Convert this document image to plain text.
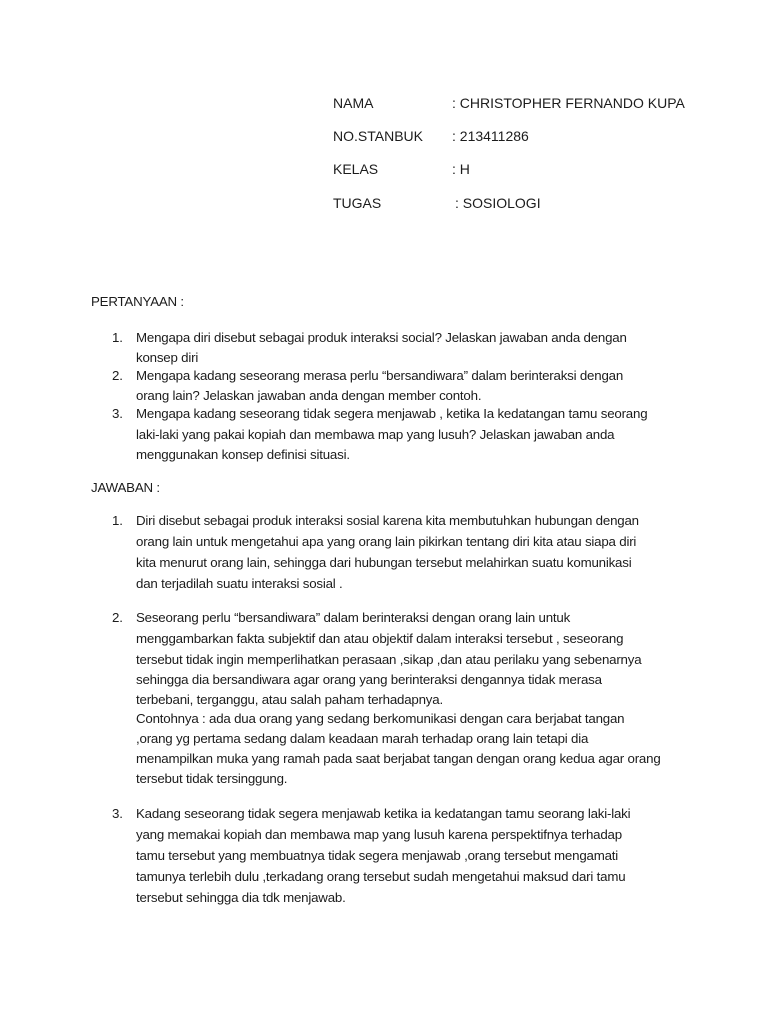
NAMA	: CHRISTOPHER FERNANDO KUPA
NO.STANBUK : 213411286
KELAS	: H
TUGAS	: SOSIOLOGI
PERTANYAAN :
1. Mengapa diri disebut sebagai produk interaksi social? Jelaskan jawaban anda dengan
konsep diri
2. Mengapa kadang seseorang merasa perlu “bersandiwara” dalam berinteraksi dengan
orang lain? Jelaskan jawaban anda dengan member contoh.
3. Mengapa kadang seseorang tidak segera menjawab , ketika Ia kedatangan tamu seorang
laki-laki yang pakai kopiah dan membawa map yang lusuh? Jelaskan jawaban anda
menggunakan konsep definisi situasi.
JAWABAN :
1. Diri disebut sebagai produk interaksi sosial karena kita membutuhkan hubungan dengan
orang lain untuk mengetahui apa yang orang lain pikirkan tentang diri kita atau siapa diri
kita menurut orang lain, sehingga dari hubungan tersebut melahirkan suatu komunikasi
dan terjadilah suatu interaksi sosial .
2. Seseorang perlu “bersandiwara” dalam berinteraksi dengan orang lain untuk
menggambarkan fakta subjektif dan atau objektif dalam interaksi tersebut , seseorang
tersebut tidak ingin memperlihatkan perasaan ,sikap ,dan atau perilaku yang sebenarnya
sehingga dia bersandiwara agar orang yang berinteraksi dengannya tidak merasa
terbebani, terganggu, atau salah paham terhadapnya.
Contohnya : ada dua orang yang sedang berkomunikasi dengan cara berjabat tangan
,orang yg pertama sedang dalam keadaan marah terhadap orang lain tetapi dia
menampilkan muka yang ramah pada saat berjabat tangan dengan orang kedua agar orang
tersebut tidak tersinggung.
3. Kadang seseorang tidak segera menjawab ketika ia kedatangan tamu seorang laki-laki
yang memakai kopiah dan membawa map yang lusuh karena perspektifnya terhadap
tamu tersebut yang membuatnya tidak segera menjawab ,orang tersebut mengamati
tamunya terlebih dulu ,terkadang orang tersebut sudah mengetahui maksud dari tamu
tersebut sehingga dia tdk menjawab.
